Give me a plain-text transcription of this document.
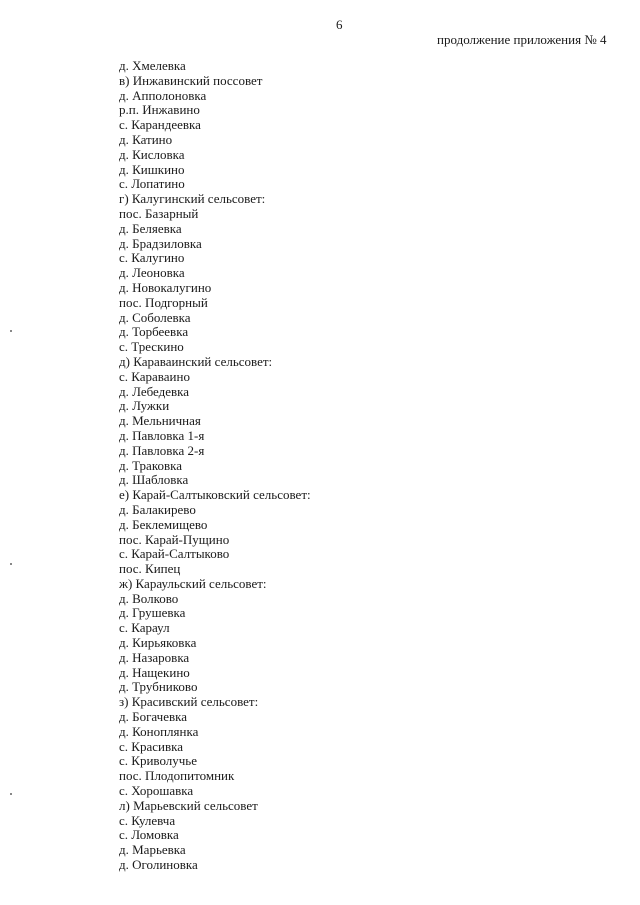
6
продолжение приложения № 4
д. Хмелевка
в) Инжавинский поссовет
д. Апполоновка
р.п. Инжавино
с. Карандеевка
д. Катино
д. Кисловка
д. Кишкино
с. Лопатино
г) Калугинский сельсовет:
пос. Базарный
д. Беляевка
д. Брадзиловка
с. Калугино
д. Леоновка
д. Новокалугино
пос. Подгорный
д. Соболевка
д. Торбеевка
с. Трескино
д) Караваинский сельсовет:
с. Караваино
д. Лебедевка
д. Лужки
д. Мельничная
д. Павловка 1-я
д. Павловка 2-я
д. Траковка
д. Шабловка
е) Карай-Салтыковский сельсовет:
д. Балакирево
д. Беклемищево
пос. Карай-Пущино
с. Карай-Салтыково
пос. Кипец
ж) Караульский сельсовет:
д. Волково
д. Грушевка
с. Караул
д. Кирьяковка
д. Назаровка
д. Нащекино
д. Трубниково
з) Красивский сельсовет:
д. Богачевка
д. Коноплянка
с. Красивка
с. Криволучье
пос. Плодопитомник
с. Хорошавка
л) Марьевский сельсовет
с. Кулевча
с. Ломовка
д. Марьевка
д. Оголиновка
